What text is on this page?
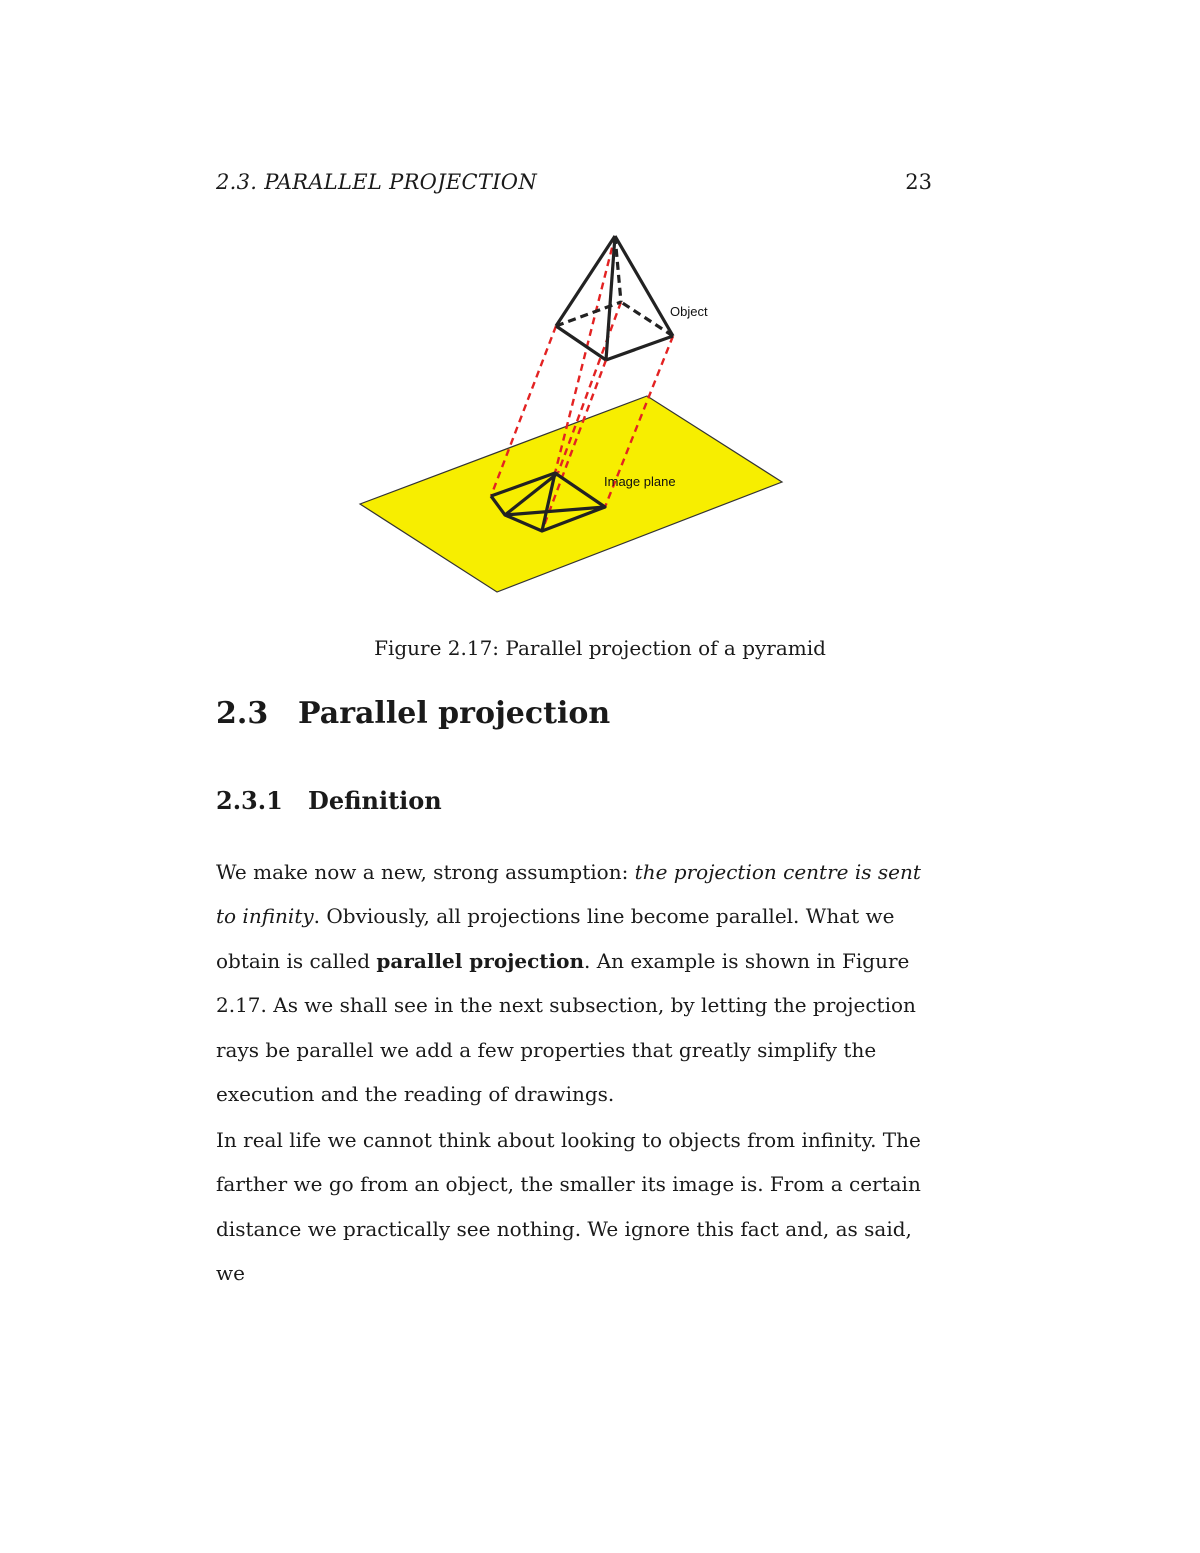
2.3. PARALLEL PROJECTION	23
Object
Image plane
Figure 2.17: Parallel projection of a pyramid
2.3 Parallel projection
2.3.1 Definition

We make now a new, strong assumption: the projection centre is sent to infinity. Obviously, all projections line become parallel. What we obtain is called parallel projection. An example is shown in Figure 2.17. As we shall see in the next subsection, by letting the projection rays be parallel we add a few properties that greatly simplify the execution and the reading of drawings.

In real life we cannot think about looking to objects from infinity. The farther we go from an object, the smaller its image is. From a certain distance we practically see nothing. We ignore this fact and, as said, we
